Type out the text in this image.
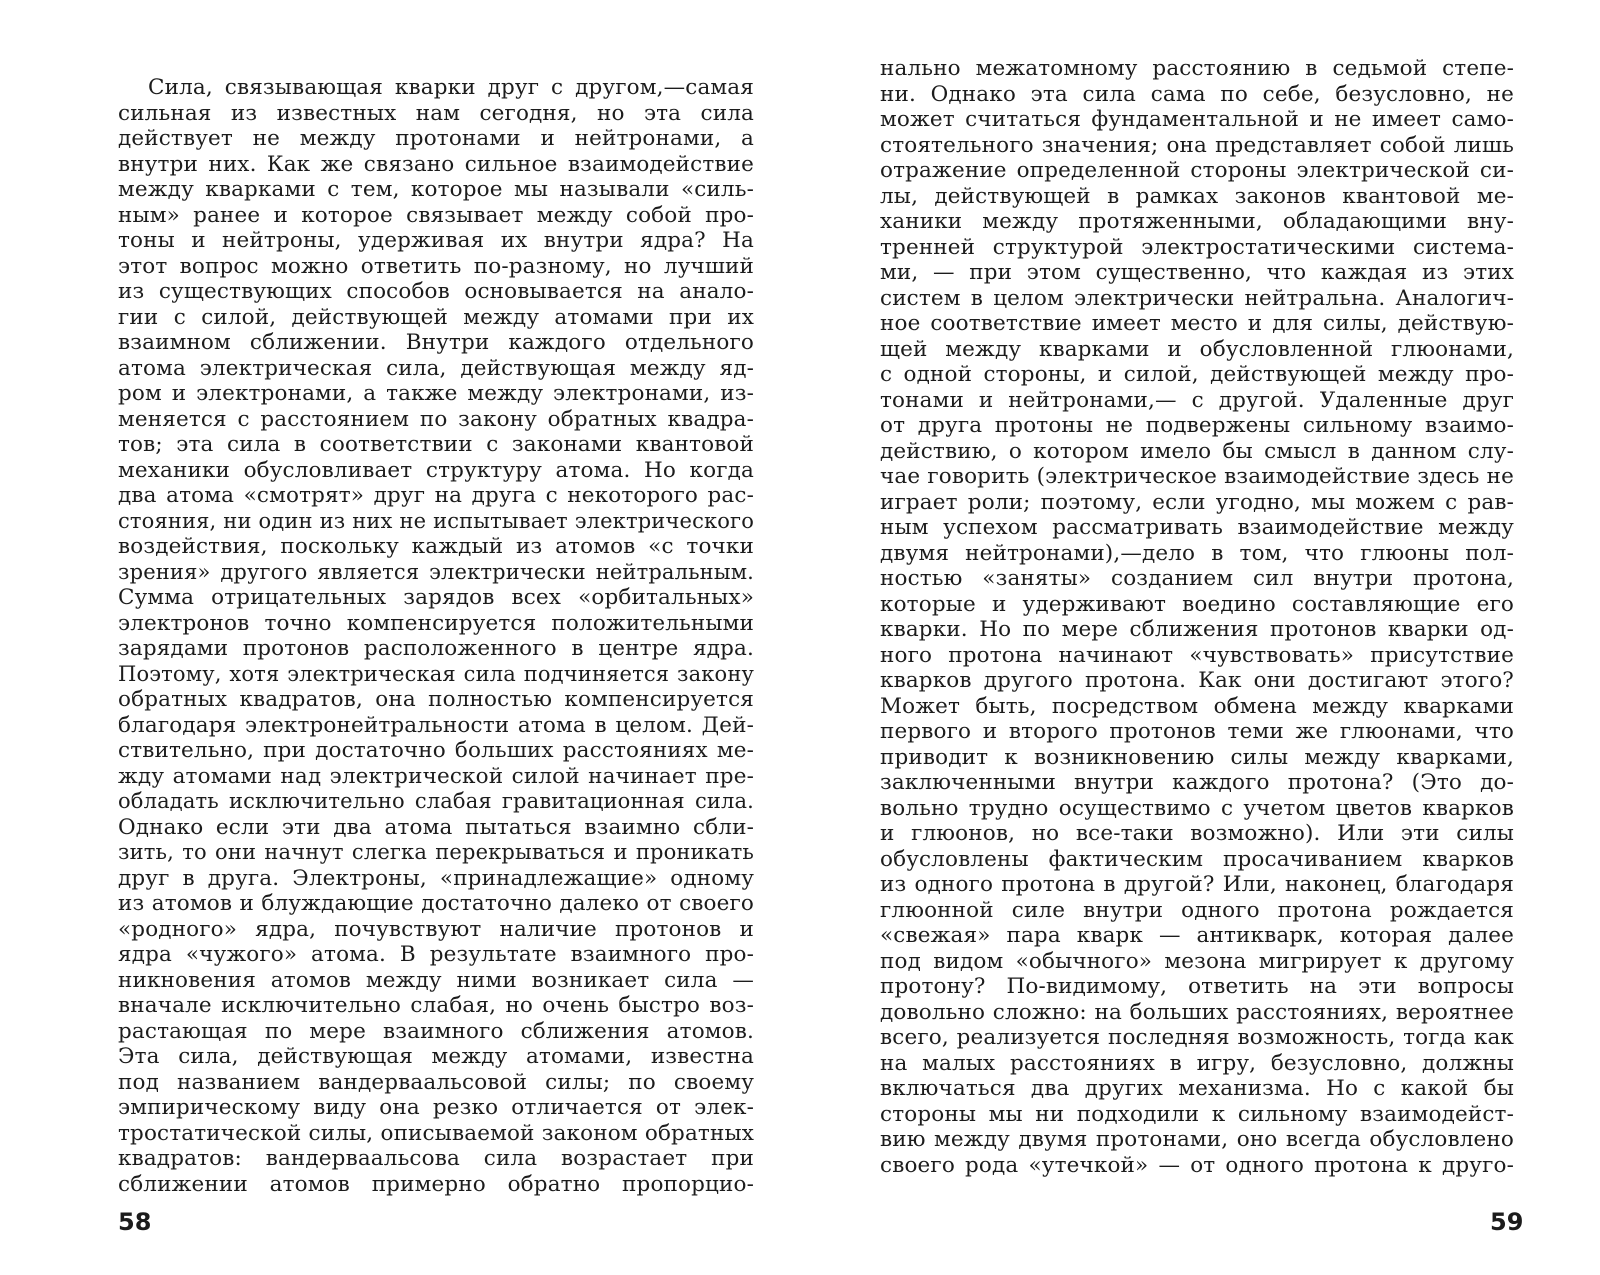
Сила, связывающая кварки друг с другом,—самая
сильная из известных нам сегодня, но эта сила
действует не между протонами и нейтронами, а
внутри них. Как же связано сильное взаимодействие
между кварками с тем, которое мы называли «силь-
ным» ранее и которое связывает между собой про-
тоны и нейтроны, удерживая их внутри ядра? На
этот вопрос можно ответить по-разному, но лучший
из существующих способов основывается на анало-
гии с силой, действующей между атомами при их
взаимном сближении. Внутри каждого отдельного
атома электрическая сила, действующая между яд-
ром и электронами, а также между электронами, из-
меняется с расстоянием по закону обратных квадра-
тов; эта сила в соответствии с законами квантовой
механики обусловливает структуру атома. Но когда
два атома «смотрят» друг на друга с некоторого рас-
стояния, ни один из них не испытывает электрического
воздействия, поскольку каждый из атомов «с точки
зрения» другого является электрически нейтральным.
Сумма отрицательных зарядов всех «орбитальных»
электронов точно компенсируется положительными
зарядами протонов расположенного в центре ядра.
Поэтому, хотя электрическая сила подчиняется закону
обратных квадратов, она полностью компенсируется
благодаря электронейтральности атома в целом. Дей-
ствительно, при достаточно больших расстояниях ме-
жду атомами над электрической силой начинает пре-
обладать исключительно слабая гравитационная сила.
Однако если эти два атома пытаться взаимно сбли-
зить, то они начнут слегка перекрываться и проникать
друг в друга. Электроны, «принадлежащие» одному
из атомов и блуждающие достаточно далеко от своего
«родного» ядра, почувствуют наличие протонов и
ядра «чужого» атома. В результате взаимного про-
никновения атомов между ними возникает сила —
вначале исключительно слабая, но очень быстро воз-
растающая по мере взаимного сближения атомов.
Эта сила, действующая между атомами, известна
под названием вандерваальсовой силы; по своему
эмпирическому виду она резко отличается от элек-
тростатической силы, описываемой законом обратных
квадратов: вандерваальсова сила возрастает при
сближении атомов примерно обратно пропорцио-
58
нально межатомному расстоянию в седьмой степе-
ни. Однако эта сила сама по себе, безусловно, не
может считаться фундаментальной и не имеет само-
стоятельного значения; она представляет собой лишь
отражение определенной стороны электрической си-
лы, действующей в рамках законов квантовой ме-
ханики между протяженными, обладающими вну-
тренней структурой электростатическими система-
ми, — при этом существенно, что каждая из этих
систем в целом электрически нейтральна. Аналогич-
ное соответствие имеет место и для силы, действую-
щей между кварками и обусловленной глюонами,
с одной стороны, и силой, действующей между про-
тонами и нейтронами,— с другой. Удаленные друг
от друга протоны не подвержены сильному взаимо-
действию, о котором имело бы смысл в данном слу-
чае говорить (электрическое взаимодействие здесь не
играет роли; поэтому, если угодно, мы можем с рав-
ным успехом рассматривать взаимодействие между
двумя нейтронами),—дело в том, что глюоны пол-
ностью «заняты» созданием сил внутри протона,
которые и удерживают воедино составляющие его
кварки. Но по мере сближения протонов кварки од-
ного протона начинают «чувствовать» присутствие
кварков другого протона. Как они достигают этого?
Может быть, посредством обмена между кварками
первого и второго протонов теми же глюонами, что
приводит к возникновению силы между кварками,
заключенными внутри каждого протона? (Это до-
вольно трудно осуществимо с учетом цветов кварков
и глюонов, но все-таки возможно). Или эти силы
обусловлены фактическим просачиванием кварков
из одного протона в другой? Или, наконец, благодаря
глюонной силе внутри одного протона рождается
«свежая» пара кварк — антикварк, которая далее
под видом «обычного» мезона мигрирует к другому
протону? По-видимому, ответить на эти вопросы
довольно сложно: на больших расстояниях, вероятнее
всего, реализуется последняя возможность, тогда как
на малых расстояниях в игру, безусловно, должны
включаться два других механизма. Но с какой бы
стороны мы ни подходили к сильному взаимодейст-
вию между двумя протонами, оно всегда обусловлено
своего рода «утечкой» — от одного протона к друго-
59
